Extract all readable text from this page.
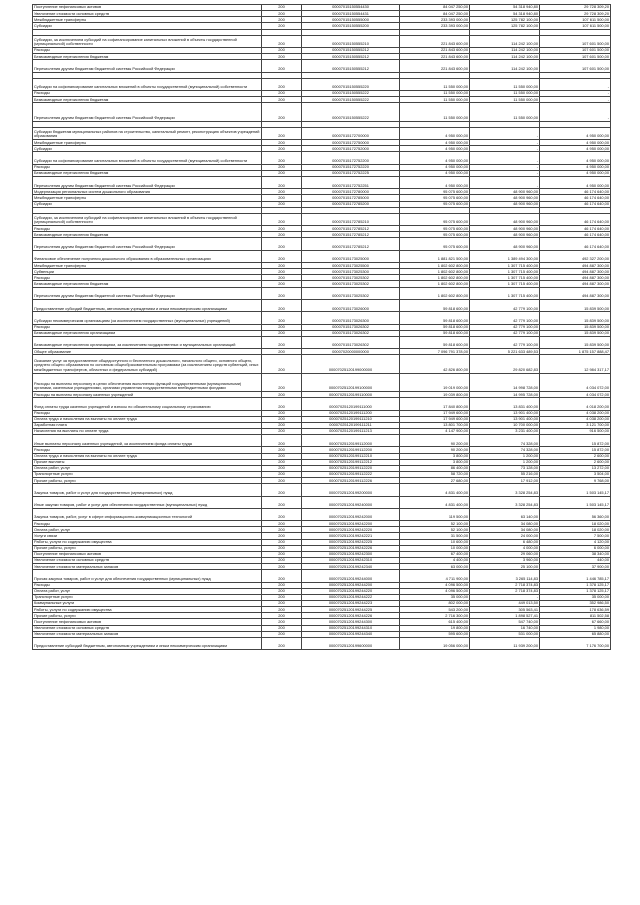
Поступление нефинансовых активов	200	00007015150554430	84 047 250,00	54 318 940,80	29 728 309,20
Увеличение стоимости основных средств	200	00007015150554431	84 047 250,00	54 318 940,80	29 728 309,20
Межбюджетные трансферты	200	00007015150555000	233 393 000,00	125 782 100,00	107 611 500,00
Субсидии	200	00007015150555200	233 393 000,00	125 782 100,00	107 611 500,00

Субсидии, за исключением субсидий на софинансирование капитальных вложений в объекты государственной (муниципальной) собственности	200	00007015150555210	221 843 600,00	114 242 100,00	107 601 500,00
Расходы	200	00007015150555212	221 843 600,00	114 242 100,00	107 601 500,00
Безвозмездные перечисления бюджетам	200	00007015150555212	221 843 600,00	114 242 100,00	107 601 500,00
Перечисления другим бюджетам бюджетной системы Российской Федерации	200	00007015150555212	221 843 600,00	114 242 100,00	107 601 500,00

Субсидии на софинансирование капитальных вложений в объекты государственной (муниципальной) собственности	200	00007015150555220	11 550 000,00	11 550 000,00	-
Расходы	200	00007015150555222	11 550 000,00	11 550 000,00	-
Безвозмездные перечисления бюджетам	200	00007015150555222	11 550 000,00	11 550 000,00	-
Перечисления другим бюджетам бюджетной системы Российской Федерации	200	00007015150555222	11 550 000,00	11 550 000,00	-

Субсидии бюджетам муниципальных районов на строительство, капитальный ремонт, реконструкцию объектов учреждений образования	200	00007015172700000	4 950 000,00	-	4 950 000,00
Межбюджетные трансферты	200	00007015172750000	4 950 000,00	-	4 950 000,00
Субсидии	200	00007015172752000	4 950 000,00	-	4 950 000,00
Субсидии на софинансирование капитальных вложений в объекты государственной (муниципальной) собственности	200	00007015172752200	4 950 000,00	-	4 950 000,00
Расходы	200	00007015172752220	4 950 000,00	-	4 950 000,00
Безвозмездные перечисления бюджетам	200	00007015172752225	4 950 000,00	-	4 950 000,00
Перечисления другим бюджетам бюджетной системы Российской Федерации	200	00007015172752251	4 950 000,00	-	4 950 000,00
Модернизация региональных систем дошкольного образования	200	00007015172780000	95 075 600,00	48 900 960,00	46 174 640,00
Межбюджетные трансферты	200	00007015172785000	95 075 600,00	48 900 960,00	46 174 640,00
Субсидии	200	00007015172785200	95 075 600,00	48 900 960,00	46 174 640,00

Субсидии, за исключением субсидий на софинансирование капитальных вложений в объекты государственной (муниципальной) собственности	200	00007015172785210	95 075 600,00	48 900 960,00	46 174 640,00
Расходы	200	00007015172785212	95 075 600,00	48 900 960,00	46 174 640,00
Безвозмездные перечисления бюджетам	200	00007015172785212	95 075 600,00	48 900 960,00	46 174 640,00
Перечисления другим бюджетам бюджетной системы Российской Федерации	200	00007015172785212	95 075 600,00	48 900 960,00	46 174 640,00
Финансовое обеспечение получения дошкольного образования в образовательных организациях	200	00007015173025000	1 881 821 500,00	1 389 494 300,00	492 327 200,00
Межбюджетные трансферты	200	00007015173025500	1 802 602 800,00	1 307 715 400,00	494 887 300,00
Субвенции	200	00007015173025300	1 802 602 800,00	1 307 715 400,00	494 887 300,00
Расходы	200	00007015173025302	1 802 602 800,00	1 307 715 400,00	494 887 300,00
Безвозмездные перечисления бюджетам	200	00007015173025302	1 802 602 800,00	1 307 715 400,00	494 887 300,00
Перечисления другим бюджетам бюджетной системы Российской Федерации	200	00007015173025302	1 802 602 800,00	1 307 715 400,00	494 887 300,00
Предоставление субсидий бюджетным, автономным учреждениям и иным некоммерческим организациям	200	00007015173026000	59 818 600,00	42 779 100,00	15 839 500,00
Субсидии некоммерческим организациям (за исключением государственных (муниципальных) учреждений)	200	00007015173026300	59 818 600,00	42 779 100,00	15 839 500,00
Расходы	200	00007015173026302	59 818 600,00	42 779 100,00	15 839 500,00
Безвозмездные перечисления организациям	200	00007015173026302	59 818 600,00	42 779 100,00	15 839 500,00
Безвозмездные перечисления организациям, за исключением государственных и муниципальных организаций	200	00007015173026302	59 818 600,00	42 779 100,00	15 839 500,00
Общее образование	200	00007020000000000	7 096 791 378,00	5 221 633 489,53	1 875 157 888,47
Оказание услуг за предоставление общедоступного и бесплатного дошкольного, начального общего, основного общего, среднего общего образования по основным общеобразовательным программам (за исключением средств субвенций, иных межбюджетных трансфертов, областных и федеральных субсидий)	200	00007025120199000000	42 826 800,00	29 820 682,83	12 984 317,17
Расходы на выплаты персоналу в целях обеспечения выполнения функций государственными (муниципальными) органами, казенными учреждениями, органами управления государственными внебюджетными фондами	200	00007025120199100000	19 019 000,00	14 998 728,00	4 034 072,00
Расходы на выплаты персоналу казенных учреждений	200	00007025120199110000	19 039 800,00	14 995 728,00	4 034 072,00
Фонд оплаты труда казенных учреждений и взносы по обязательному социальному страхованию	200	00007025120199111000	17 840 800,00	13 831 400,00	4 018 200,00
Расходы	200	00007025120199111200	17 949 600,00	13 901 400,00	4 038 200,00
Оплата труда и начисления на выплаты по оплате труда	200	00007025120199111210	17 949 600,00	13 901 400,00	4 038 200,00
Заработная плата	200	00007025120199111211	13 801 700,00	10 700 000,00	3 121 700,00
Начисления на выплаты по оплате труда	200	00007025120199111213	4 147 900,00	3 231 400,00	916 500,00
Иные выплаты персоналу казенных учреждений, за исключением фонда оплаты труда	200	00007025120199112000	90 200,00	74 328,00	15 872,00
Расходы	200	00007025120199112200	90 200,00	74 328,00	15 872,00
Оплата труда и начисления на выплаты по оплате труда	200	00007025120199112210	3 800,00	1 200,00	2 600,00
Прочие выплаты	200	00007025120199112212	3 800,00	1 200,00	2 600,00
Оплата работ, услуг	200	00007025120199112220	86 400,00	73 128,00	13 272,00
Транспортные услуги	200	00007025120199112222	58 720,00	55 216,00	3 504,00
Прочие работы, услуги	200	00007025120199112226	27 680,00	17 912,00	9 768,00
Закупка товаров, работ и услуг для государственных (муниципальных) нужд	200	00007025120199200000	4 831 400,00	3 328 254,83	1 503 145,17
Иные закупки товаров, работ и услуг для обеспечения государственных (муниципальных) нужд	200	00007025120199240000	4 831 400,00	3 328 254,83	1 503 145,17
Закупка товаров, работ, услуг в сфере информационно-коммуникационных технологий	200	00007025120199242000	119 500,00	63 140,00	56 360,00
Расходы	200	00007025120199242200	52 100,00	34 080,00	18 020,00
Оплата работ, услуг	200	00007025120199242220	52 100,00	34 080,00	18 020,00
Услуги связи	200	00007025120199242221	31 500,00	24 000,00	7 500,00
Работы, услуги по содержанию имущества	200	00007025120199242225	10 600,00	6 480,00	4 120,00
Прочие работы, услуги	200	00007025120199242226	10 000,00	4 000,00	6 000,00
Поступление нефинансовых активов	200	00007025120199242300	67 400,00	29 060,00	38 340,00
Увеличение стоимости основных средств	200	00007025120199242310	4 400,00	3 960,00	440,00
Увеличение стоимости материальных запасов	200	00007025120199242340	63 000,00	25 100,00	37 900,00
Прочая закупка товаров, работ и услуг для обеспечения государственных (муниципальных) нужд	200	00007025120199244000	4 711 900,00	3 265 114,83	1 446 785,17
Расходы	200	00007025120199244200	4 096 500,00	2 718 374,83	1 378 125,17
Оплата работ, услуг	200	00007025120199244220	4 096 500,00	2 718 374,83	1 378 125,17
Транспортные услуги	200	00007025120199244222	35 000,00	-	35 000,00
Коммунальные услуги	200	00007025120199244223	802 000,00	449 013,50	352 986,50
Работы, услуги по содержанию имущества	200	00007025120199244225	543 200,00	305 563,41	178 636,59
Прочие работы, услуги	200	00007025120199244226	2 716 300,00	1 898 527,41	811 502,58
Поступление нефинансовых активов	200	00007025120199244300	615 400,00	547 740,00	67 660,00
Увеличение стоимости основных средств	200	00007025120199244310	19 800,00	16 740,00	1 980,00
Увеличение стоимости материальных запасов	200	00007025120199244340	595 600,00	531 000,00	65 880,00
Предоставление субсидий бюджетным, автономным учреждениям и иным некоммерческим организациям	200	00007025120199600000	19 056 000,00	11 939 200,00	7 176 700,00
